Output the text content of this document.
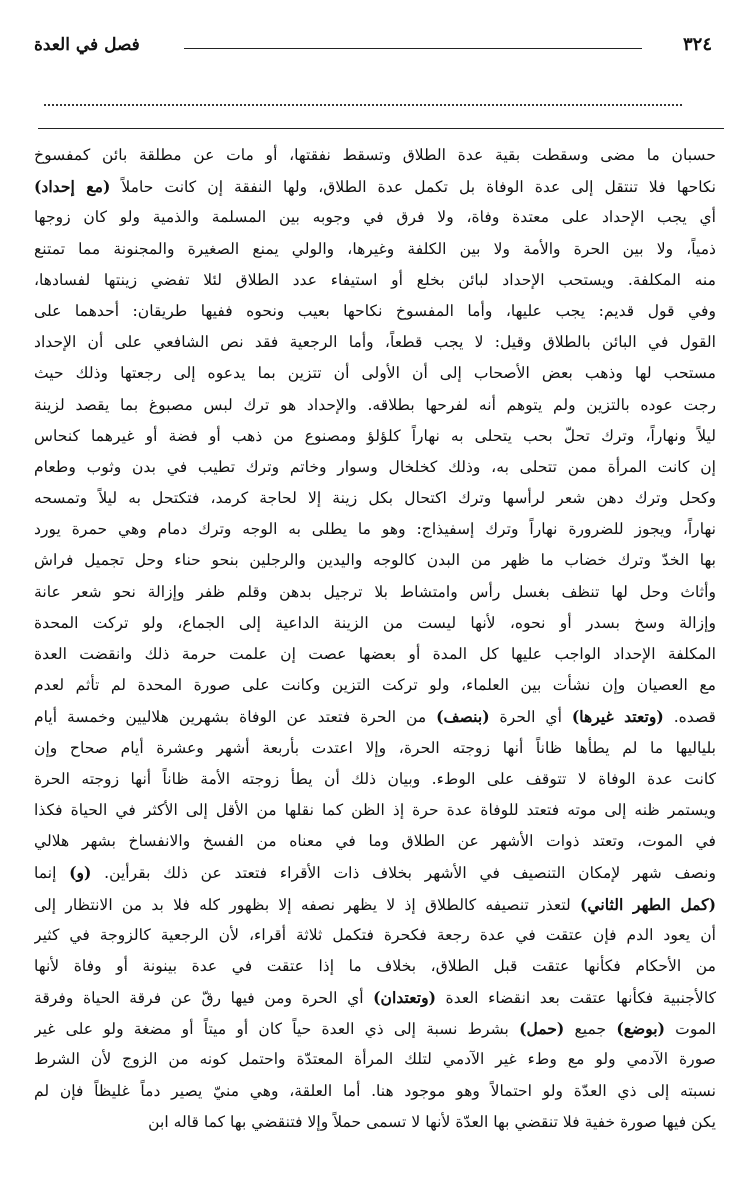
٣٢٤
فصل في العدة
حسبان ما مضى وسقطت بقية عدة الطلاق وتسقط نفقتها، أو مات عن مطلقة بائن كمفسوخ
نكاحها فلا تنتقل إلى عدة الوفاة بل تكمل عدة الطلاق، ولها النفقة إن كانت حاملاً (مع إحداد)
أي يجب الإحداد على معتدة وفاة، ولا فرق في وجوبه بين المسلمة والذمية ولو كان زوجها
ذمياً، ولا بين الحرة والأمة ولا بين الكلفة وغيرها، والولي يمنع الصغيرة والمجنونة مما تمتنع
منه المكلفة. ويستحب الإحداد لبائن بخلع أو استيفاء عدد الطلاق لئلا تفضي زينتها لفسادها،
وفي قول قديم: يجب عليها، وأما المفسوخ نكاحها بعيب ونحوه ففيها طريقان: أحدهما على
القول في البائن بالطلاق وقيل: لا يجب قطعاً، وأما الرجعية فقد نص الشافعي على أن الإحداد
مستحب لها وذهب بعض الأصحاب إلى أن الأولى أن تتزين بما يدعوه إلى رجعتها وذلك حيث
رجت عوده بالتزين ولم يتوهم أنه لفرحها بطلاقه. والإحداد هو ترك لبس مصبوغ بما يقصد لزينة
ليلاً ونهاراً، وترك تحلّ بحب يتحلى به نهاراً كلؤلؤ ومصنوع من ذهب أو فضة أو غيرهما كنحاس
إن كانت المرأة ممن تتحلى به، وذلك كخلخال وسوار وخاتم وترك تطيب في بدن وثوب وطعام
وكحل وترك دهن شعر لرأسها وترك اكتحال بكل زينة إلا لحاجة كرمد، فتكتحل به ليلاً وتمسحه
نهاراً، ويجوز للضرورة نهاراً وترك إسفيذاج: وهو ما يطلى به الوجه وترك دمام وهي حمرة يورد
بها الخدّ وترك خضاب ما ظهر من البدن كالوجه واليدين والرجلين بنحو حناء وحل تجميل فراش
وأثاث وحل لها تنظف بغسل رأس وامتشاط بلا ترجيل بدهن وقلم ظفر وإزالة نحو شعر عانة
وإزالة وسخ بسدر أو نحوه، لأنها ليست من الزينة الداعية إلى الجماع، ولو تركت المحدة
المكلفة الإحداد الواجب عليها كل المدة أو بعضها عصت إن علمت حرمة ذلك وانقضت العدة
مع العصيان وإن نشأت بين العلماء، ولو تركت التزين وكانت على صورة المحدة لم تأثم لعدم
قصده. (وتعتد غيرها) أي الحرة (بنصف) من الحرة فتعتد عن الوفاة بشهرين هلاليين وخمسة أيام
بلياليها ما لم يطأها ظاناً أنها زوجته الحرة، وإلا اعتدت بأربعة أشهر وعشرة أيام صحاح وإن
كانت عدة الوفاة لا تتوقف على الوطء. وبيان ذلك أن يطأ زوجته الأمة ظاناً أنها زوجته الحرة
ويستمر ظنه إلى موته فتعتد للوفاة عدة حرة إذ الظن كما نقلها من الأقل إلى الأكثر في الحياة فكذا
في الموت، وتعتد ذوات الأشهر عن الطلاق وما في معناه من الفسخ والانفساخ بشهر هلالي
ونصف شهر لإمكان التنصيف في الأشهر بخلاف ذات الأقراء فتعتد عن ذلك بقرأين. (و) إنما
(كمل الطهر الثاني) لتعذر تنصيفه كالطلاق إذ لا يظهر نصفه إلا بظهور كله فلا بد من الانتظار إلى
أن يعود الدم فإن عتقت في عدة رجعة فكحرة فتكمل ثلاثة أقراء، لأن الرجعية كالزوجة في كثير
من الأحكام فكأنها عتقت قبل الطلاق، بخلاف ما إذا عتقت في عدة بينونة أو وفاة لأنها
كالأجنبية فكأنها عتقت بعد انقضاء العدة (وتعتدان) أي الحرة ومن فيها رقّ عن فرقة الحياة وفرقة
الموت (بوضع) جميع (حمل) بشرط نسبة إلى ذي العدة حياً كان أو ميتاً أو مضغة ولو على غير
صورة الآدمي ولو مع وطء غير الآدمي لتلك المرأة المعتدّة واحتمل كونه من الزوج لأن الشرط
نسبته إلى ذي العدّة ولو احتمالاً وهو موجود هنا. أما العلقة، وهي منيّ يصير دماً غليظاً فإن لم
يكن فيها صورة خفية فلا تنقضي بها العدّة لأنها لا تسمى حملاً وإلا فتنقضي بها كما قاله ابن
